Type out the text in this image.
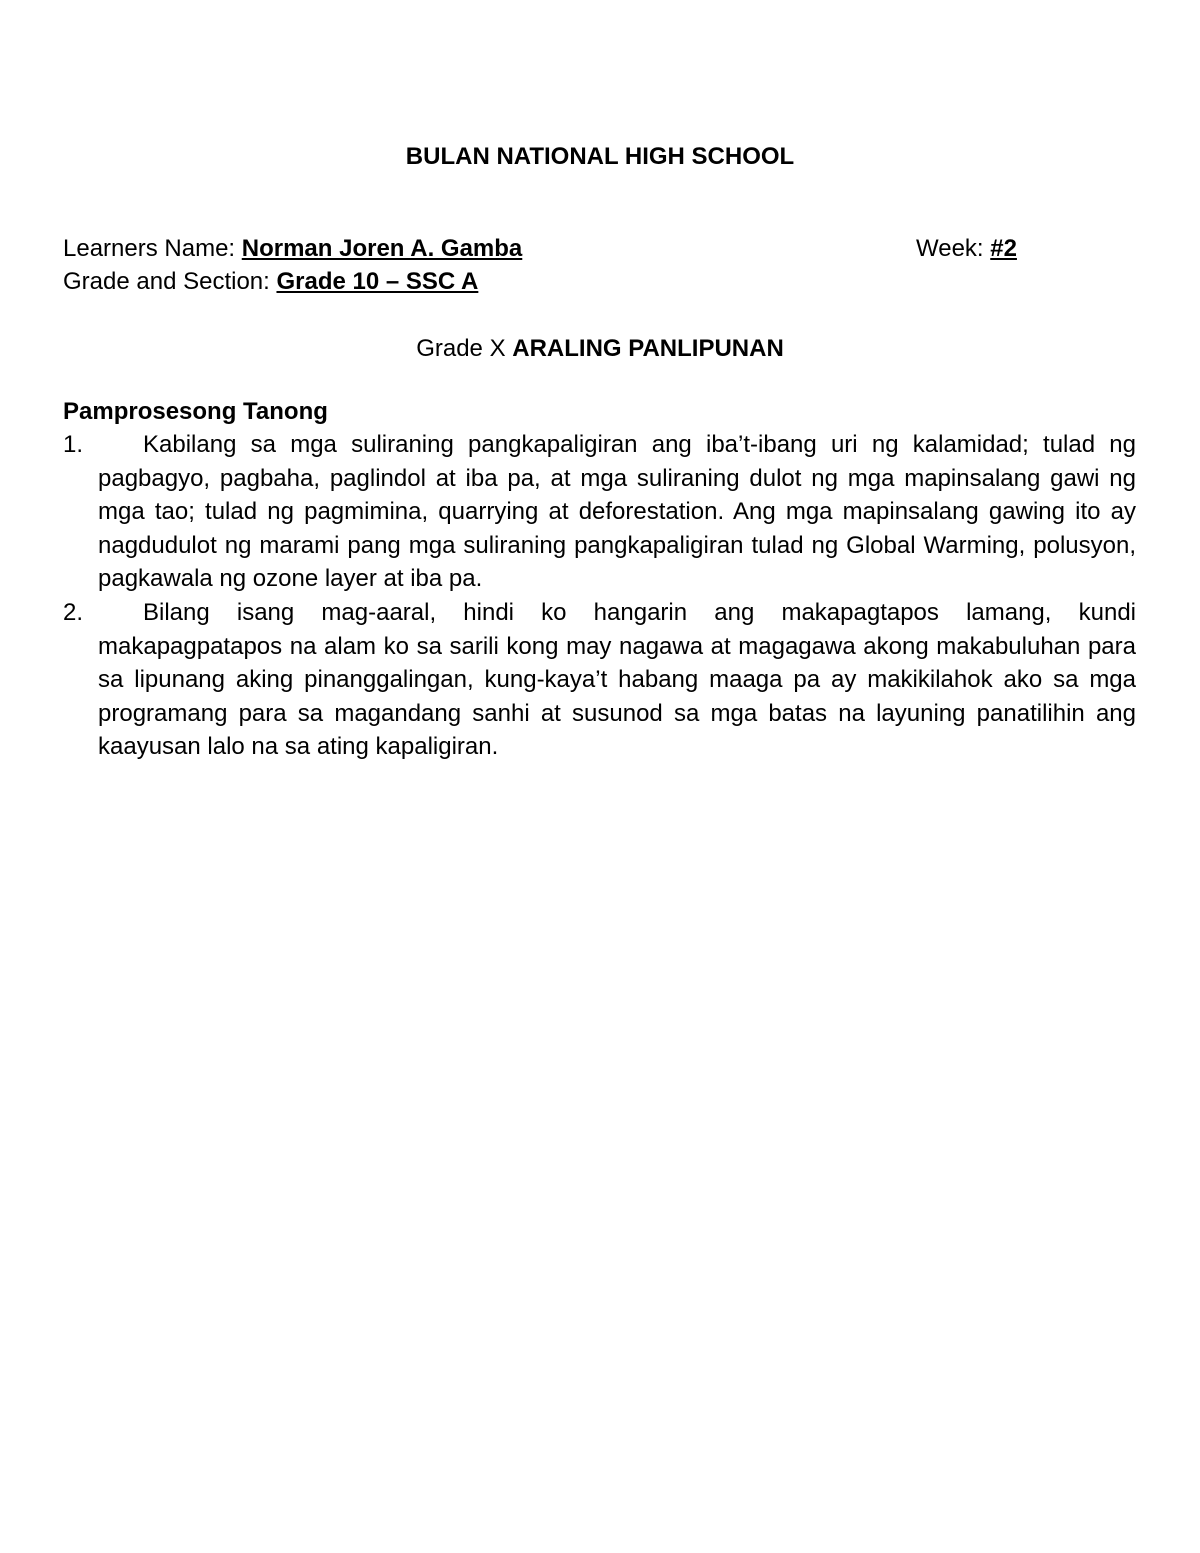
BULAN NATIONAL HIGH SCHOOL
Learners Name: Norman Joren A. Gamba	Week: #2
Grade and Section: Grade 10 – SSC A
Grade X ARALING PANLIPUNAN
Pamprosesong Tanong
1. Kabilang sa mga suliraning pangkapaligiran ang iba’t-ibang uri ng kalamidad; tulad ng pagbagyo, pagbaha, paglindol at iba pa, at mga suliraning dulot ng mga mapinsalang gawi ng mga tao; tulad ng pagmimina, quarrying at deforestation. Ang mga mapinsalang gawing ito ay nagdudulot ng marami pang mga suliraning pangkapaligiran tulad ng Global Warming, polusyon, pagkawala ng ozone layer at iba pa.
2. Bilang isang mag-aaral, hindi ko hangarin ang makapagtapos lamang, kundi makapagpatapos na alam ko sa sarili kong may nagawa at magagawa akong makabuluhan para sa lipunang aking pinanggalingan, kung-kaya’t habang maaga pa ay makikilahok ako sa mga programang para sa magandang sanhi at susunod sa mga batas na layuning panatilihin ang kaayusan lalo na sa ating kapaligiran.
